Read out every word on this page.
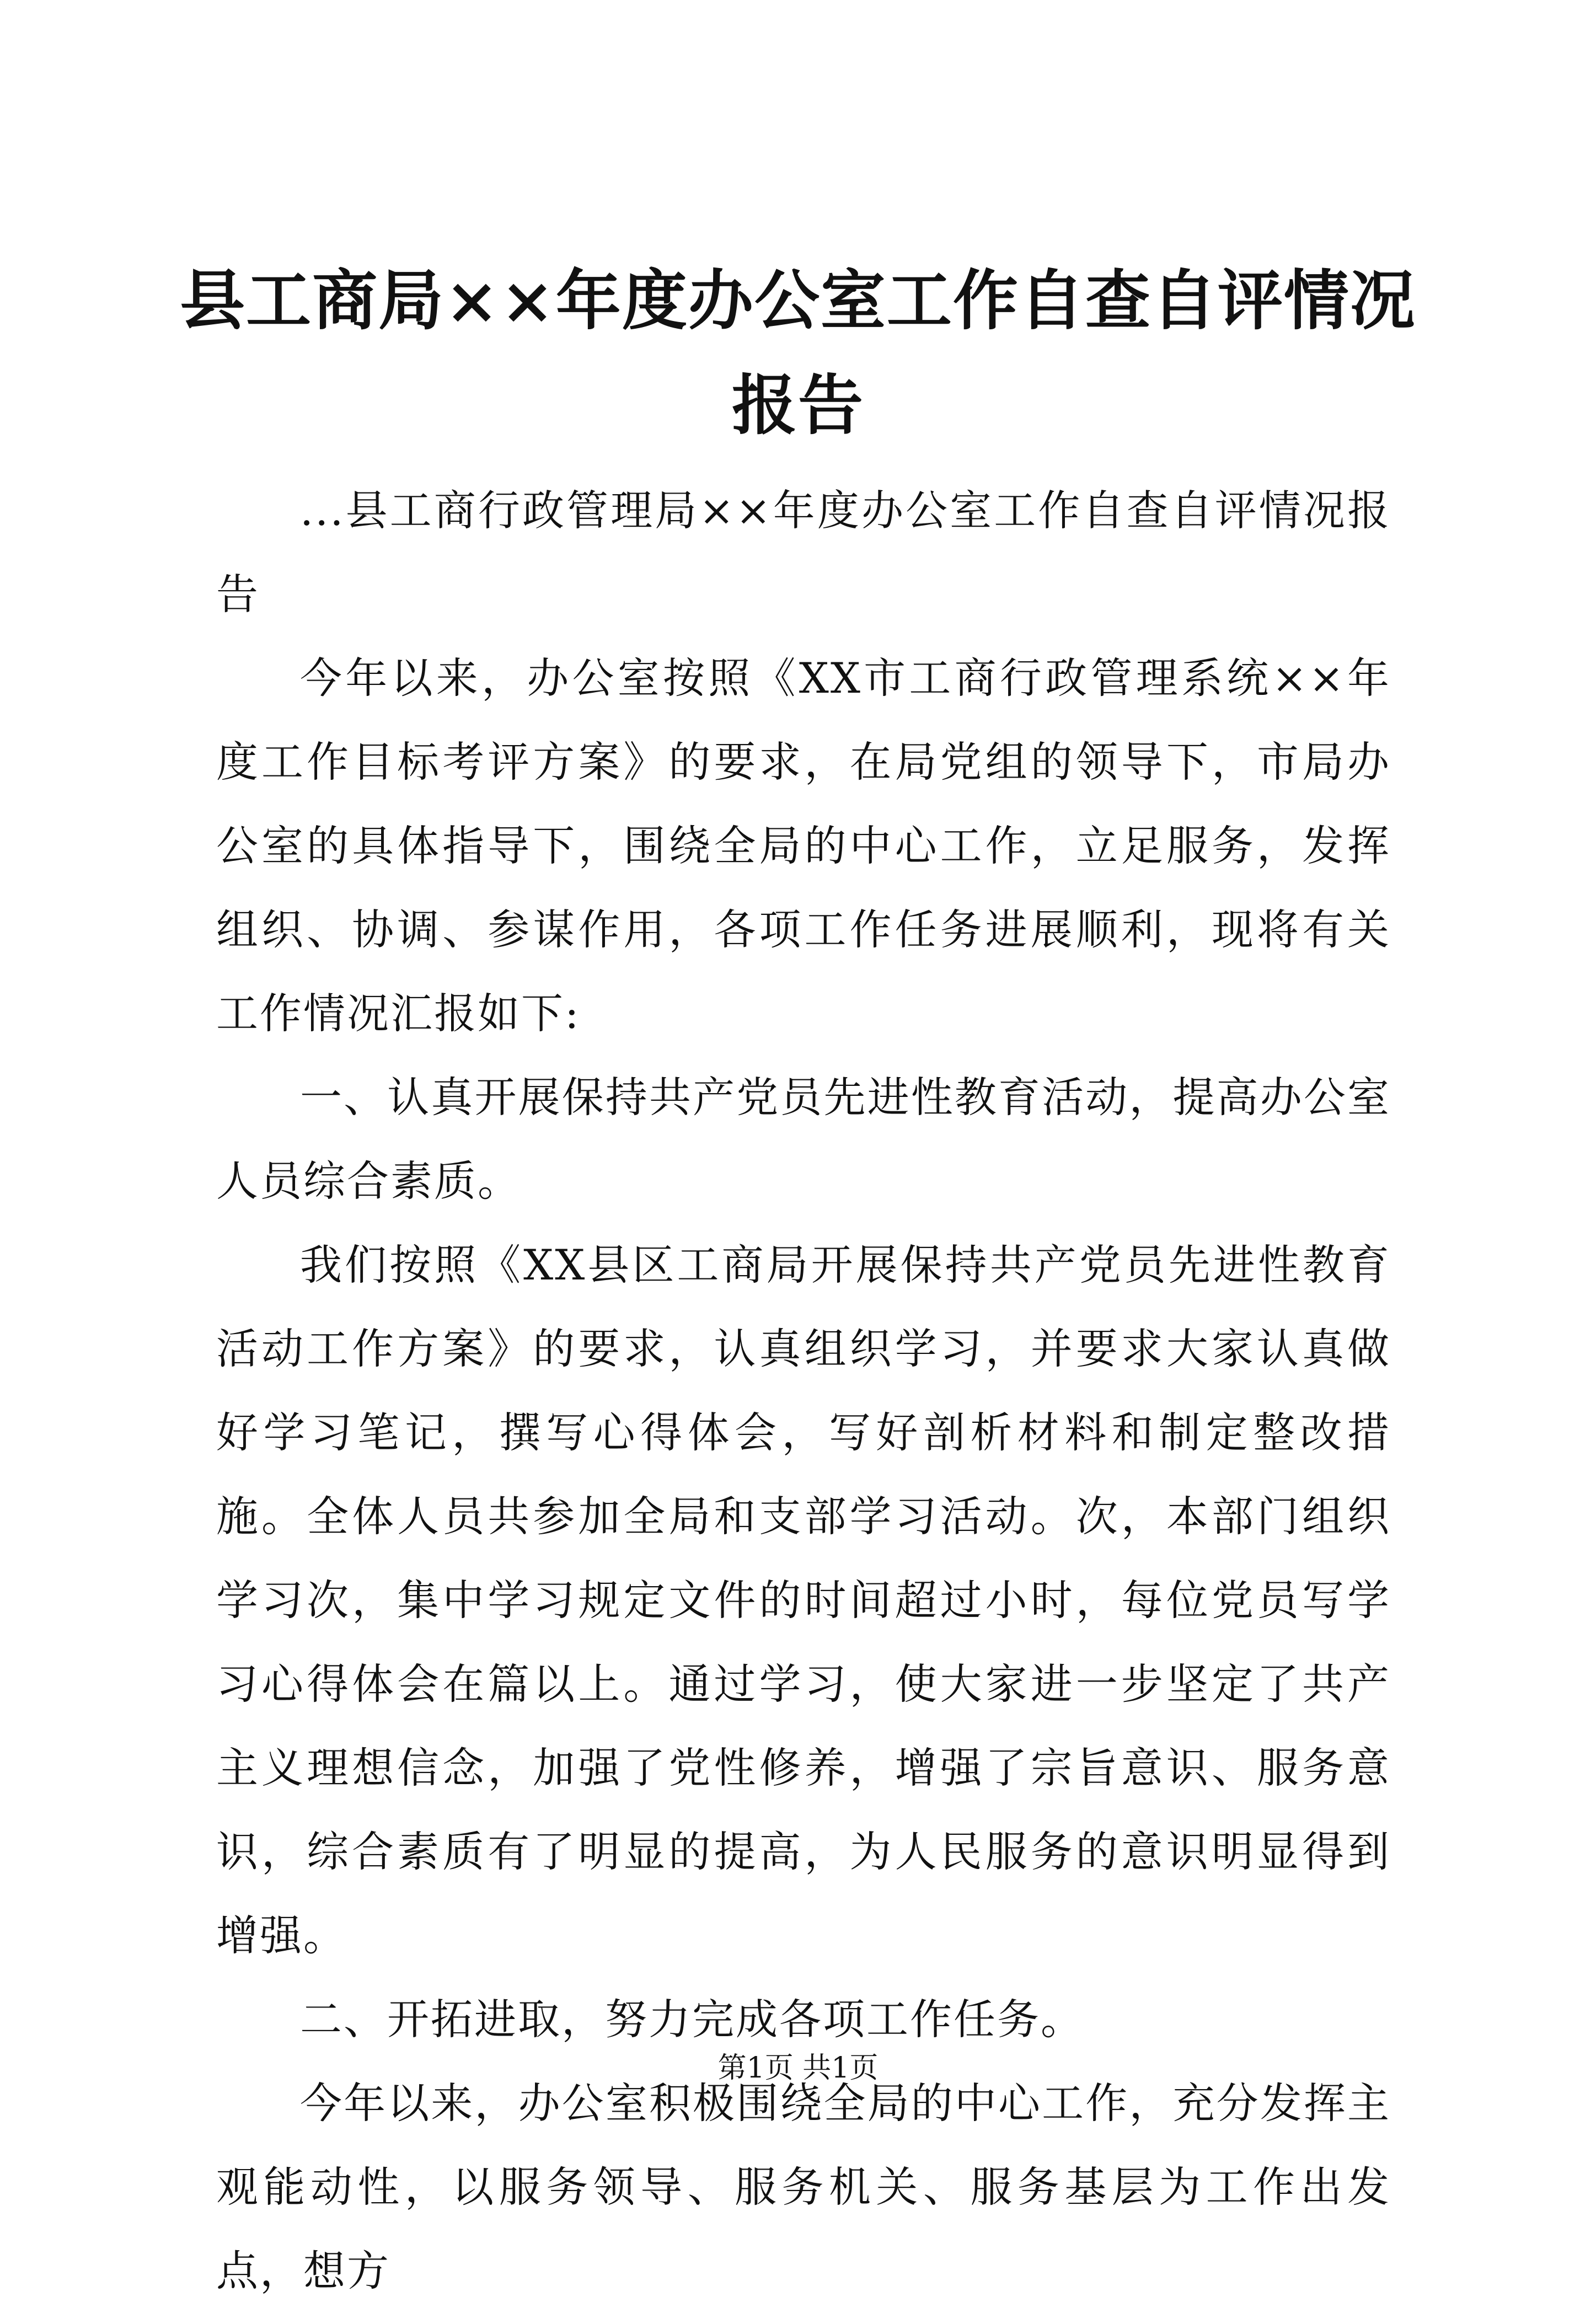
县工商局××年度办公室工作自查自评情况报告

...县工商行政管理局××年度办公室工作自查自评情况报告

今年以来，办公室按照《XX市工商行政管理系统××年度工作目标考评方案》的要求，在局党组的领导下，市局办公室的具体指导下，围绕全局的中心工作，立足服务，发挥组织、协调、参谋作用，各项工作任务进展顺利，现将有关工作情况汇报如下:

一、认真开展保持共产党员先进性教育活动，提高办公室人员综合素质。

我们按照《XX县区工商局开展保持共产党员先进性教育活动工作方案》的要求，认真组织学习，并要求大家认真做好学习笔记，撰写心得体会，写好剖析材料和制定整改措施。全体人员共参加全局和支部学习活动。次，本部门组织学习次，集中学习规定文件的时间超过小时，每位党员写学习心得体会在篇以上。通过学习，使大家进一步坚定了共产主义理想信念，加强了党性修养，增强了宗旨意识、服务意识，综合素质有了明显的提高，为人民服务的意识明显得到增强。

二、开拓进取，努力完成各项工作任务。

今年以来，办公室积极围绕全局的中心工作，充分发挥主观能动性，以服务领导、服务机关、服务基层为工作出发点，想方

第1页 共1页
